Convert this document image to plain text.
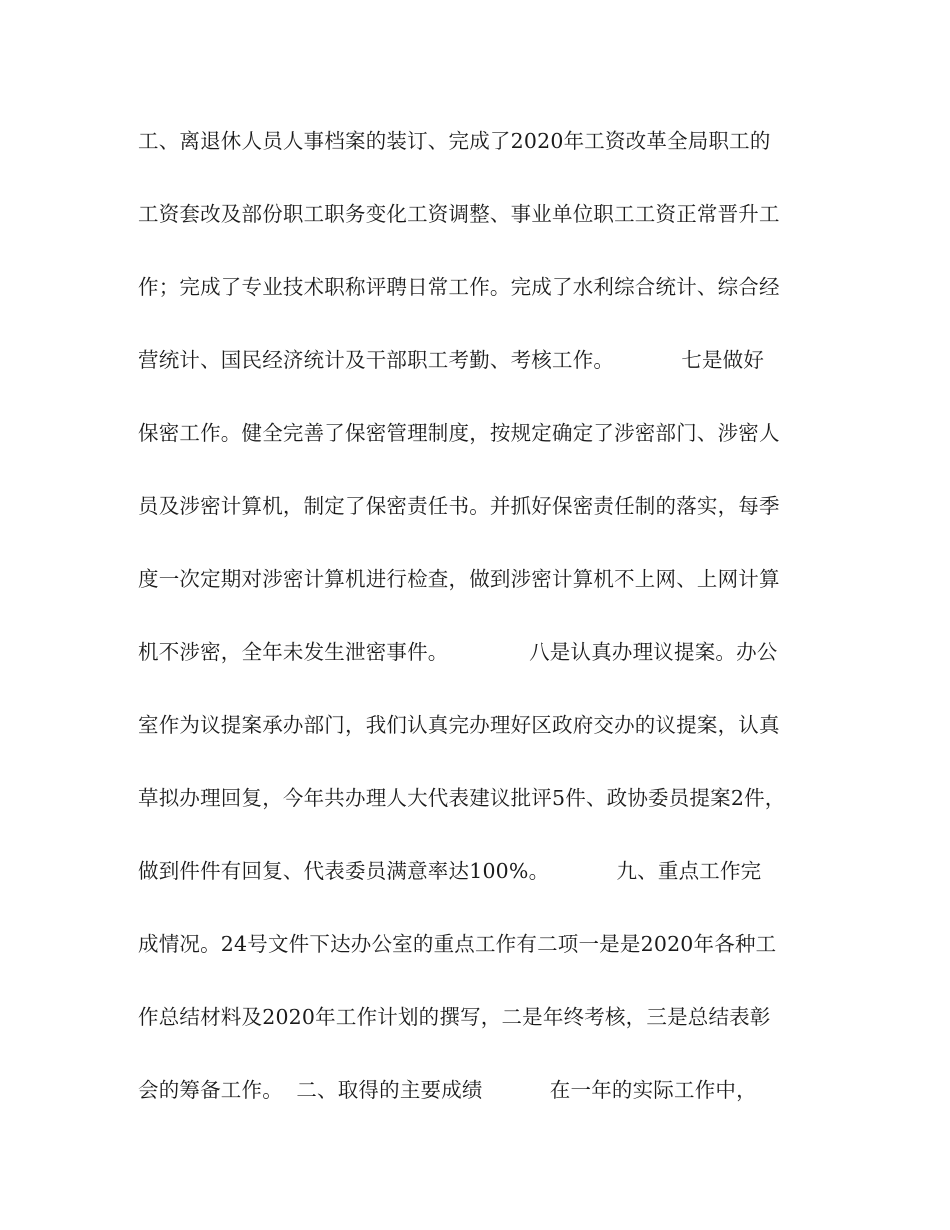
工、离退休人员人事档案的装订、完成了2020年工资改革全局职工的
工资套改及部份职工职务变化工资调整、事业单位职工工资正常晋升工
作；完成了专业技术职称评聘日常工作。完成了水利综合统计、综合经
营统计、国民经济统计及干部职工考勤、考核工作。          七是做好
保密工作。健全完善了保密管理制度，按规定确定了涉密部门、涉密人
员及涉密计算机，制定了保密责任书。并抓好保密责任制的落实，每季
度一次定期对涉密计算机进行检查，做到涉密计算机不上网、上网计算
机不涉密，全年未发生泄密事件。            八是认真办理议提案。办公
室作为议提案承办部门，我们认真完办理好区政府交办的议提案，认真
草拟办理回复，今年共办理人大代表建议批评5件、政协委员提案2件，
做到件件有回复、代表委员满意率达100%。          九、重点工作完
成情况。24号文件下达办公室的重点工作有二项一是是2020年各种工
作总结材料及2020年工作计划的撰写，二是年终考核，三是总结表彰
会的筹备工作。  二、取得的主要成绩          在一年的实际工作中，
